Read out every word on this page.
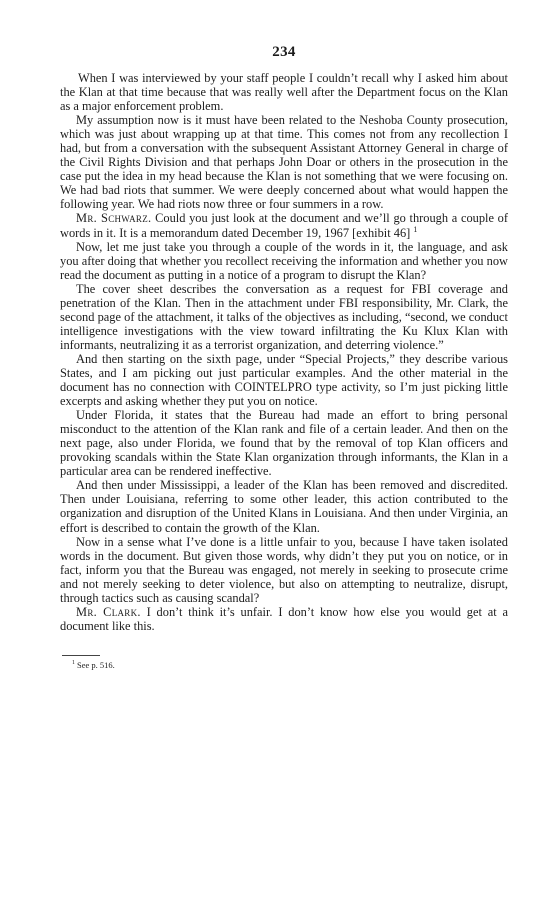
234

When I was interviewed by your staff people I couldn’t recall why I asked him about the Klan at that time because that was really well after the Department focus on the Klan as a major enforcement problem.

My assumption now is it must have been related to the Neshoba County prosecution, which was just about wrapping up at that time. This comes not from any recollection I had, but from a conversation with the subsequent Assistant Attorney General in charge of the Civil Rights Division and that perhaps John Doar or others in the prosecution in the case put the idea in my head because the Klan is not something that we were focusing on. We had bad riots that summer. We were deeply concerned about what would happen the following year. We had riots now three or four summers in a row.

Mr. Schwarz. Could you just look at the document and we’ll go through a couple of words in it. It is a memorandum dated December 19, 1967 [exhibit 46] $^1$

Now, let me just take you through a couple of the words in it, the language, and ask you after doing that whether you recollect receiving the information and whether you now read the document as putting in a notice of a program to disrupt the Klan?

The cover sheet describes the conversation as a request for FBI coverage and penetration of the Klan. Then in the attachment under FBI responsibility, Mr. Clark, the second page of the attachment, it talks of the objectives as including, “second, we conduct intelligence investigations with the view toward infiltrating the Ku Klux Klan with informants, neutralizing it as a terrorist organization, and deterring violence.”

And then starting on the sixth page, under “Special Projects,” they describe various States, and I am picking out just particular examples. And the other material in the document has no connection with COINTELPRO type activity, so I’m just picking little excerpts and asking whether they put you on notice.

Under Florida, it states that the Bureau had made an effort to bring personal misconduct to the attention of the Klan rank and file of a certain leader. And then on the next page, also under Florida, we found that by the removal of top Klan officers and provoking scandals within the State Klan organization through informants, the Klan in a particular area can be rendered ineffective.

And then under Mississippi, a leader of the Klan has been removed and discredited. Then under Louisiana, referring to some other leader, this action contributed to the organization and disruption of the United Klans in Louisiana. And then under Virginia, an effort is described to contain the growth of the Klan.

Now in a sense what I’ve done is a little unfair to you, because I have taken isolated words in the document. But given those words, why didn’t they put you on notice, or in fact, inform you that the Bureau was engaged, not merely in seeking to prosecute crime and not merely seeking to deter violence, but also on attempting to neutralize, disrupt, through tactics such as causing scandal?

Mr. Clark. I don’t think it’s unfair. I don’t know how else you would get at a document like this.

$^1$ See p. 516.
